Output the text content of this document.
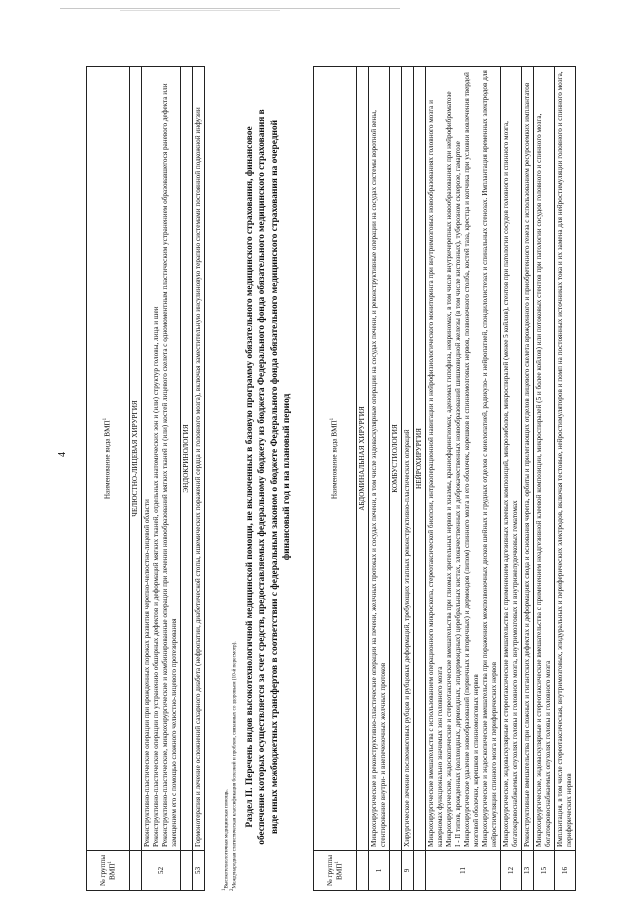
4
№ группы ВМП$^1$	Наименование вида ВМП$^1$
	ЧЕЛЮСТНО-ЛИЦЕВАЯ ХИРУРГИЯ
52	Реконструктивно-пластические операции при врожденных пороках развития черепно-челюстно-лицевой области Реконструктивно-пластические операции по устранению обширных дефектов и деформаций мягких тканей, отдельных анатомических зон и (или) структур головы, лица и шеи Реконструктивно-пластические, микрохирургические и комбинированные операции при лечении новообразований мягких тканей и (или) костей лицевого скелета с одномоментным пластическим устранением образовавшегося раневого дефекта или замещением его с помощью сложного челюстно-лицевого протезирования

	ЭНДОКРИНОЛОГИЯ
53	Гормонотерапия и лечение осложнений сахарного диабета (нефропатии, диабетической стопы, ишемических поражений сердца и головного мозга), включая заместительную инсулиновую терапию системами постоянной подкожной инфузии
$^1$Высокотехнологичная медицинская помощь.
$^2$Международная статистическая классификация болезней и проблем, связанных со здоровьем (10-й пересмотр). Раздел II. Перечень видов высокотехнологичной медицинской помощи, не включенных в базовую программу обязательного медицинского страхования, финансовое обеспечение которых осуществляется за счет средств, предоставляемых федеральному бюджету из бюджета Федерального фонда обязательного медицинского страхования в виде иных межбюджетных трансфертов в соответствии с федеральным законом о бюджете Федерального фонда обязательного медицинского страхования на очередной финансовый год и на плановый период
№ группы ВМП$^1$	Наименование вида ВМП$^1$
	АБДОМИНАЛЬНАЯ ХИРУРГИЯ
1	Микрохирургические и реконструктивно-пластические операции на печени, желчных протоках и сосудах печени, в том числе эндоваскулярные операции на сосудах печени, и реконструктивные операции на сосудах системы воротной вены, стентирование внутри- и внепеченочных желчных протоков

	КОМБУСТИОЛОГИЯ
9	Хирургическое лечение послеожоговых рубцов и рубцовых деформаций, требующих этапных реконструктивно-пластических операций

	НЕЙРОХИРУРГИЯ
11	Микрохирургические вмешательства с использованием операционного микроскопа, стереотаксической биопсии, интраоперационной навигации и нейрофизиологического мониторинга при внутримозговых новообразованиях головного мозга и каверномах функционально значимых зон головного мозга Микрохирургические, эндоскопические и стереотаксические вмешательства при глиомах зрительных нервов и хиазмы, краниофарингиомах, аденомах гипофиза, невриномах, в том числе внутричерепных новообразованиях при нейрофиброматозе I - II типов, врожденных (коллоидных, дермоидных, эпидермоидных) церебральных кистах, злокачественных и доброкачественных новообразований шишковидной железы (в том числе кистозных), туберозном склерозе, гамартозе Микрохирургическое удаление новообразований (первичных и вторичных) и дермоидов (липом) спинного мозга и его оболочек, корешков и спинномозговых нервов, позвоночного столба, костей таза, крестца и копчика при условии вовлечения твердой мозговой оболочки, корешков и спинномозговых нервов Микрохирургические и эндоскопические вмешательства при поражениях межпозвоночных дисков шейных и грудных отделов с миелопатией, радикуло- и нейропатией, спондилолистезах и спинальных стенозах. Имплантация временных электродов для нейростимуляции спинного мозга и периферических нервов

12	Микрохирургические, эндоваскулярные и стереотаксические вмешательства с применением адгезивных клеевых композиций, микроэмболов, микроспиралей (менее 5 койлов), стентов при патологии сосудов головного и спинного мозга, богатокровоснабжаемых опухолях головы и головного мозга, внутримозговых и внутрижелудочковых гематомах

13	Реконструктивные вмешательства при сложных и гигантских дефектах и деформациях свода и основания черепа, орбиты и прилегающих отделов лицевого скелета врожденного и приобретенного генеза с использованием ресурсоемких имплантатов

15	Микрохирургические, эндоваскулярные и стереотаксические вмешательства с применением неадгезивной клеевой композиции, микроспиралей (5 и более койлов) или потоковых стентов при патологии сосудов головного и спинного мозга, богатокровоснабжаемых опухолях головы и головного мозга

16	Имплантация, в том числе стереотаксическая, внутримозговых, эпидуральных и периферических электродов, включая тестовые, нейростимуляторов и помп на постоянных источниках тока и их замена для нейростимуляции головного и спинного мозга, периферических нервов
